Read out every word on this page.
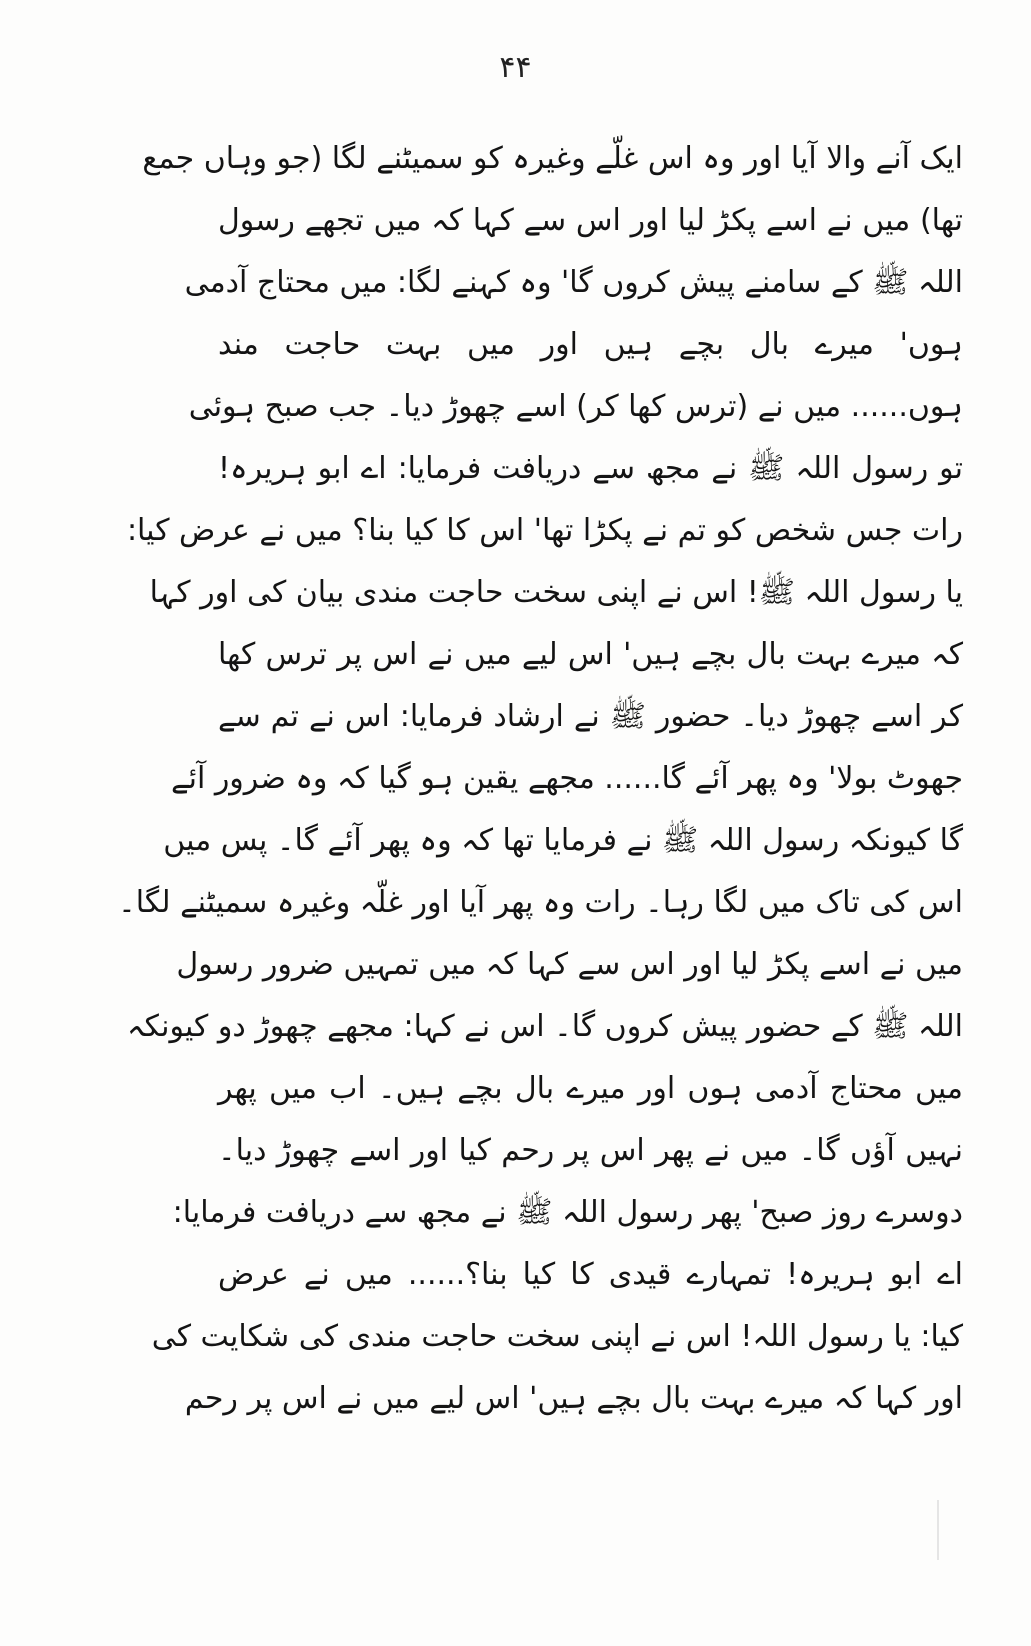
۴۴
ایک آنے والا آیا اور وہ اس غلّے وغیرہ کو سمیٹنے لگا (جو وہاں جمع
تھا) میں نے اسے پکڑ لیا اور اس سے کہا کہ میں تجھے رسول
اللہ ﷺ کے سامنے پیش کروں گا' وہ کہنے لگا: میں محتاج آدمی
ہوں' میرے بال بچے ہیں اور میں بہت حاجت مند
ہوں...... میں نے (ترس کھا کر) اسے چھوڑ دیا۔ جب صبح ہوئی
تو رسول اللہ ﷺ نے مجھ سے دریافت فرمایا: اے ابو ہریرہ!
رات جس شخص کو تم نے پکڑا تھا' اس کا کیا بنا؟ میں نے عرض کیا:
یا رسول اللہ ﷺ! اس نے اپنی سخت حاجت مندی بیان کی اور کہا
کہ میرے بہت بال بچے ہیں' اس لیے میں نے اس پر ترس کھا
کر اسے چھوڑ دیا۔ حضور ﷺ نے ارشاد فرمایا: اس نے تم سے
جھوٹ بولا' وہ پھر آئے گا...... مجھے یقین ہو گیا کہ وہ ضرور آئے
گا کیونکہ رسول اللہ ﷺ نے فرمایا تھا کہ وہ پھر آئے گا۔ پس میں
اس کی تاک میں لگا رہا۔ رات وہ پھر آیا اور غلّہ وغیرہ سمیٹنے لگا۔
میں نے اسے پکڑ لیا اور اس سے کہا کہ میں تمہیں ضرور رسول
اللہ ﷺ کے حضور پیش کروں گا۔ اس نے کہا: مجھے چھوڑ دو کیونکہ
میں محتاج آدمی ہوں اور میرے بال بچے ہیں۔ اب میں پھر
نہیں آؤں گا۔ میں نے پھر اس پر رحم کیا اور اسے چھوڑ دیا۔
دوسرے روز صبح' پھر رسول اللہ ﷺ نے مجھ سے دریافت فرمایا:
اے ابو ہریرہ! تمہارے قیدی کا کیا بنا؟...... میں نے عرض
کیا: یا رسول اللہ! اس نے اپنی سخت حاجت مندی کی شکایت کی
اور کہا کہ میرے بہت بال بچے ہیں' اس لیے میں نے اس پر رحم
